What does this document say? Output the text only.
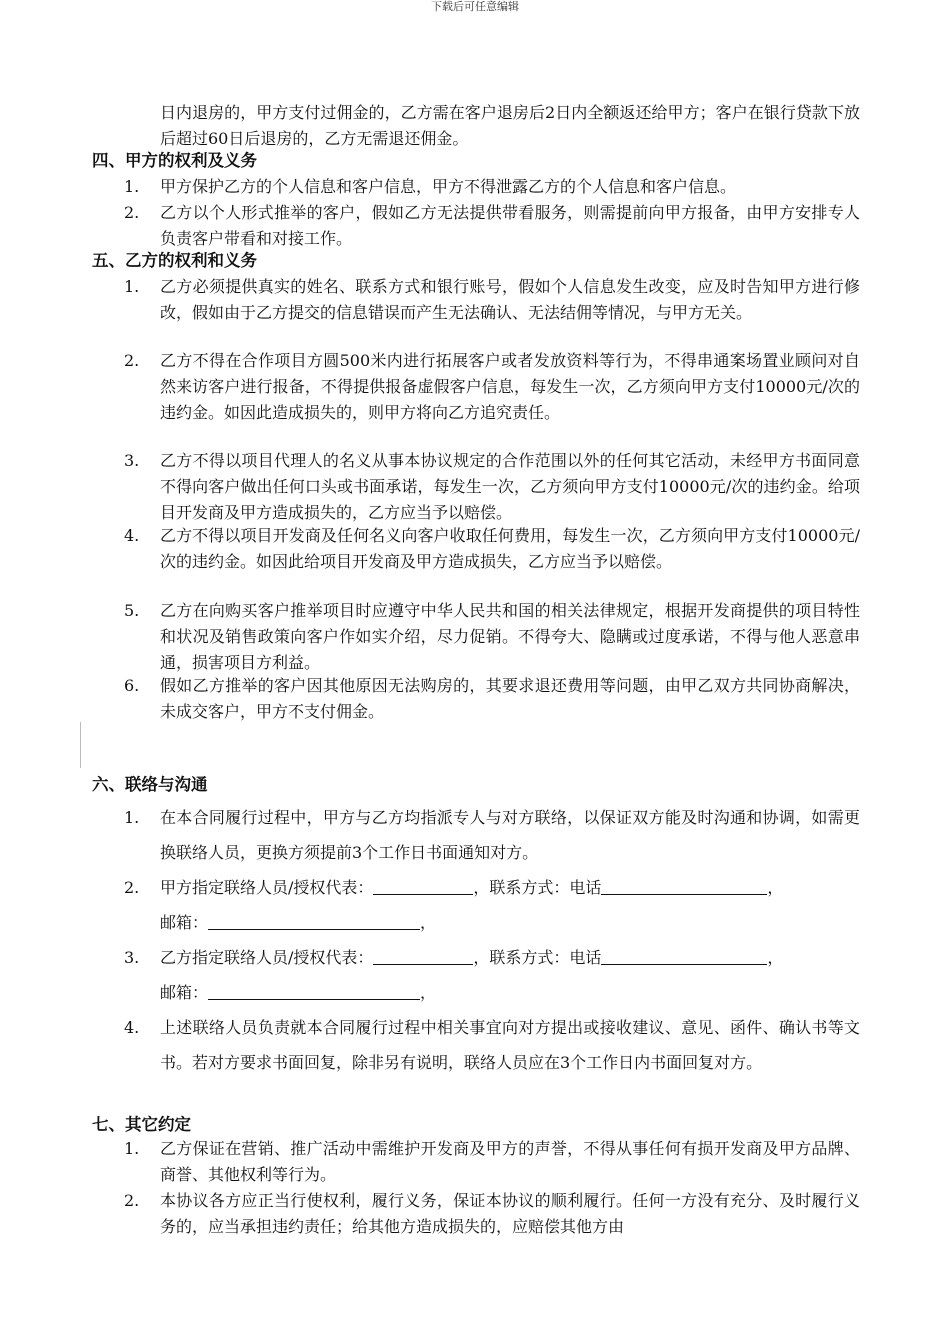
下载后可任意编辑
日内退房的，甲方支付过佣金的，乙方需在客户退房后2日内全额返还给甲方；客户在银行贷款下放后超过60日后退房的，乙方无需退还佣金。
四、甲方的权利及义务
1. 甲方保护乙方的个人信息和客户信息，甲方不得泄露乙方的个人信息和客户信息。
2. 乙方以个人形式推举的客户，假如乙方无法提供带看服务，则需提前向甲方报备，由甲方安排专人负责客户带看和对接工作。
五、乙方的权利和义务
1. 乙方必须提供真实的姓名、联系方式和银行账号，假如个人信息发生改变，应及时告知甲方进行修改，假如由于乙方提交的信息错误而产生无法确认、无法结佣等情况，与甲方无关。
2. 乙方不得在合作项目方圆500米内进行拓展客户或者发放资料等行为，不得串通案场置业顾问对自然来访客户进行报备，不得提供报备虚假客户信息，每发生一次，乙方须向甲方支付10000元/次的违约金。如因此造成损失的，则甲方将向乙方追究责任。
3. 乙方不得以项目代理人的名义从事本协议规定的合作范围以外的任何其它活动，未经甲方书面同意不得向客户做出任何口头或书面承诺，每发生一次，乙方须向甲方支付10000元/次的违约金。给项目开发商及甲方造成损失的，乙方应当予以赔偿。
4. 乙方不得以项目开发商及任何名义向客户收取任何费用，每发生一次，乙方须向甲方支付10000元/次的违约金。如因此给项目开发商及甲方造成损失，乙方应当予以赔偿。
5. 乙方在向购买客户推举项目时应遵守中华人民共和国的相关法律规定，根据开发商提供的项目特性和状况及销售政策向客户作如实介绍，尽力促销。不得夸大、隐瞒或过度承诺，不得与他人恶意串通，损害项目方利益。
6. 假如乙方推举的客户因其他原因无法购房的，其要求退还费用等问题，由甲乙双方共同协商解决，未成交客户，甲方不支付佣金。
六、联络与沟通
1. 在本合同履行过程中，甲方与乙方均指派专人与对方联络，以保证双方能及时沟通和协调，如需更换联络人员，更换方须提前3个工作日书面通知对方。
2. 甲方指定联络人员/授权代表：	，联系方式：电话	，
邮箱：	，
3. 乙方指定联络人员/授权代表：	，联系方式：电话	，
邮箱：	，
4. 上述联络人员负责就本合同履行过程中相关事宜向对方提出或接收建议、意见、函件、确认书等文书。若对方要求书面回复，除非另有说明，联络人员应在3个工作日内书面回复对方。
七、其它约定
1. 乙方保证在营销、推广活动中需维护开发商及甲方的声誉，不得从事任何有损开发商及甲方品牌、商誉、其他权利等行为。
2. 本协议各方应正当行使权利，履行义务，保证本协议的顺利履行。任何一方没有充分、及时履行义务的，应当承担违约责任；给其他方造成损失的，应赔偿其他方由
